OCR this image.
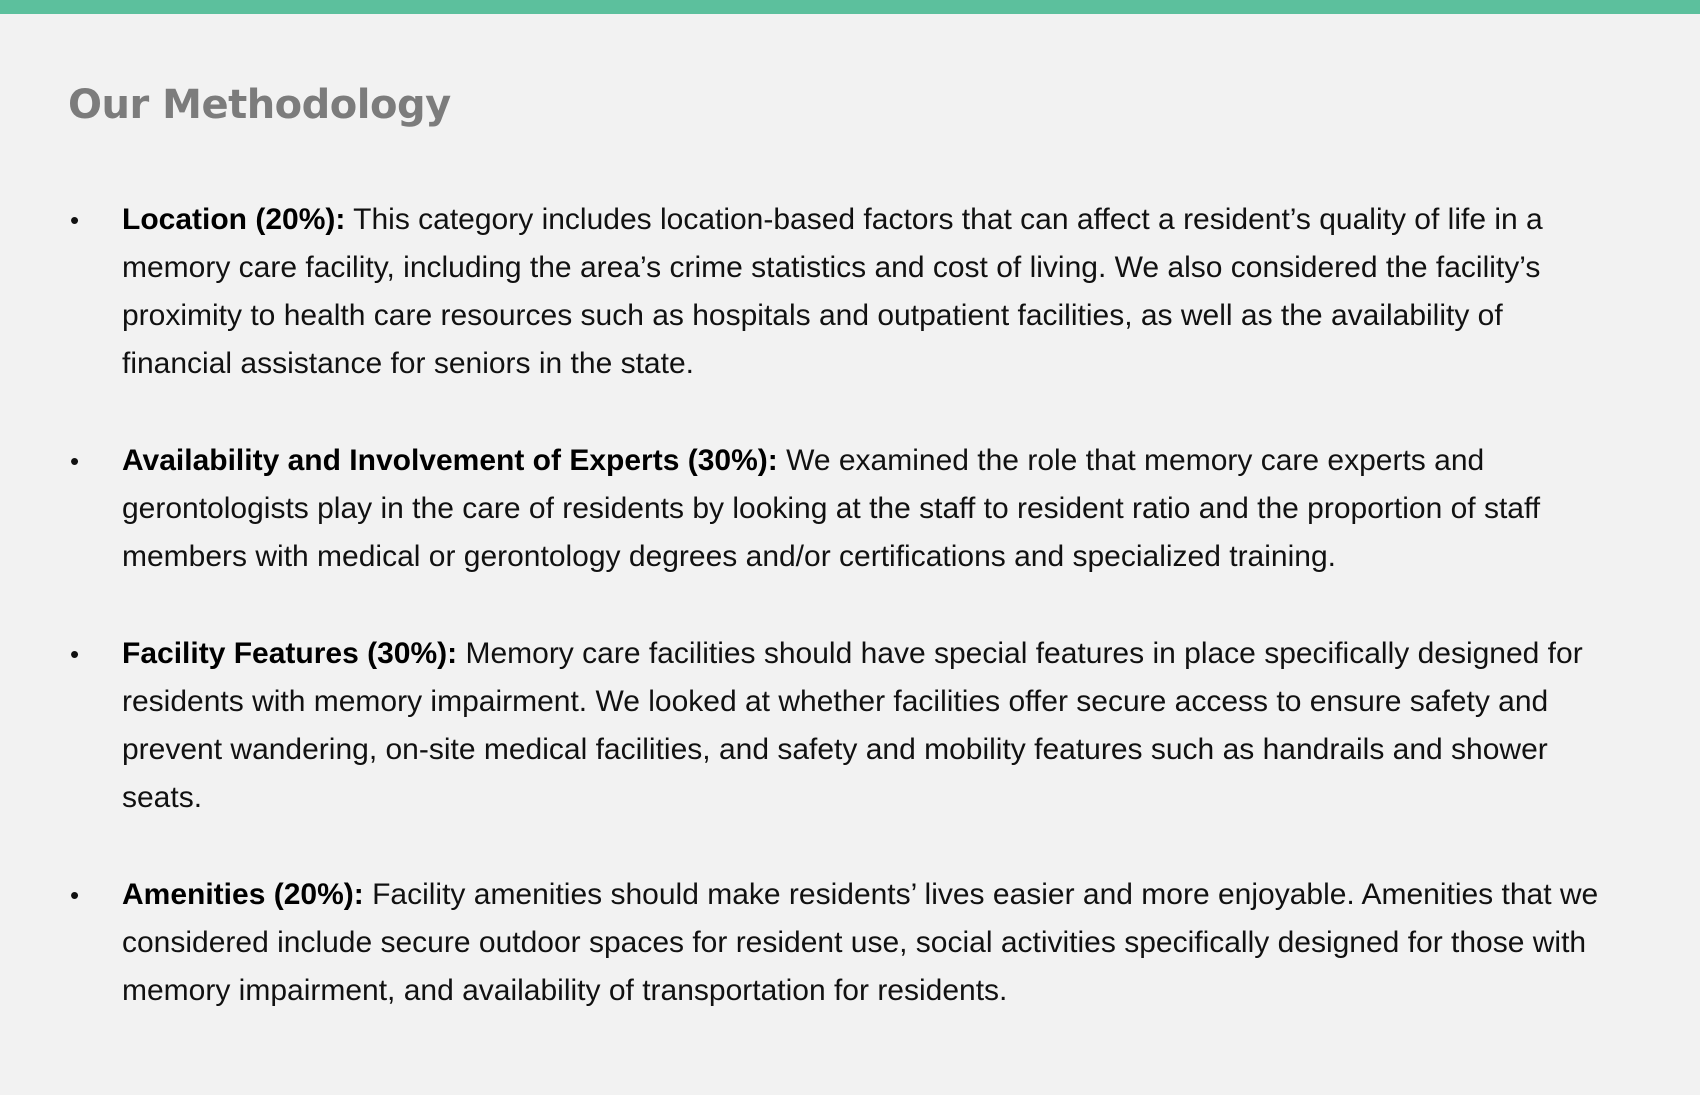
Our Methodology
• Location (20%): This category includes location-based factors that can affect a resident’s quality of life in a memory care facility, including the area’s crime statistics and cost of living. We also considered the facility’s proximity to health care resources such as hospitals and outpatient facilities, as well as the availability of financial assistance for seniors in the state.
• Availability and Involvement of Experts (30%): We examined the role that memory care experts and gerontologists play in the care of residents by looking at the staff to resident ratio and the proportion of staff members with medical or gerontology degrees and/or certifications and specialized training.
• Facility Features (30%): Memory care facilities should have special features in place specifically designed for residents with memory impairment. We looked at whether facilities offer secure access to ensure safety and prevent wandering, on-site medical facilities, and safety and mobility features such as handrails and shower seats.
• Amenities (20%): Facility amenities should make residents’ lives easier and more enjoyable. Amenities that we considered include secure outdoor spaces for resident use, social activities specifically designed for those with memory impairment, and availability of transportation for residents.
